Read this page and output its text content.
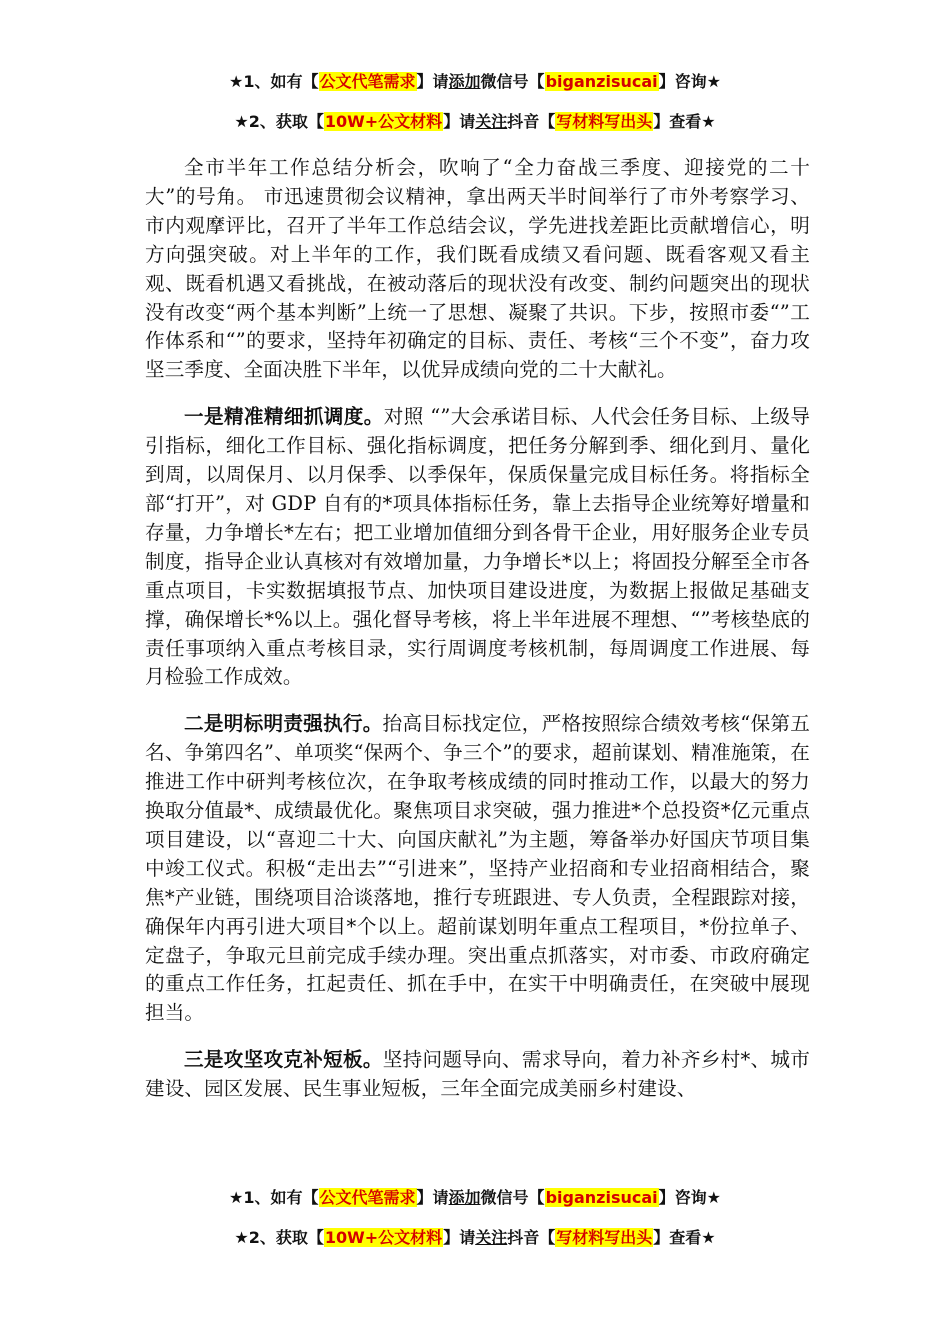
★1、如有【公文代笔需求】请添加微信号【biganzisucai】咨询★
★2、获取【10W+公文材料】请关注抖音【写材料写出头】查看★

全市半年工作总结分析会，吹响了“全力奋战三季度、迎接党的二十大”的号角。 市迅速贯彻会议精神，拿出两天半时间举行了市外考察学习、市内观摩评比，召开了半年工作总结会议，学先进找差距比贡献增信心，明方向强突破。对上半年的工作，我们既看成绩又看问题、既看客观又看主观、既看机遇又看挑战，在被动落后的现状没有改变、制约问题突出的现状没有改变“两个基本判断”上统一了思想、凝聚了共识。下步，按照市委“”工作体系和“”的要求，坚持年初确定的目标、责任、考核“三个不变”，奋力攻坚三季度、全面决胜下半年，以优异成绩向党的二十大献礼。

一是精准精细抓调度。对照 “”大会承诺目标、人代会任务目标、上级导引指标，细化工作目标、强化指标调度，把任务分解到季、细化到月、量化到周，以周保月、以月保季、以季保年，保质保量完成目标任务。将指标全部“打开”，对 GDP 自有的*项具体指标任务，靠上去指导企业统筹好增量和存量，力争增长*左右；把工业增加值细分到各骨干企业，用好服务企业专员制度，指导企业认真核对有效增加量，力争增长*以上；将固投分解至全市各重点项目，卡实数据填报节点、加快项目建设进度，为数据上报做足基础支撑，确保增长*%以上。强化督导考核，将上半年进展不理想、“”考核垫底的责任事项纳入重点考核目录，实行周调度考核机制，每周调度工作进展、每月检验工作成效。

二是明标明责强执行。抬高目标找定位，严格按照综合绩效考核“保第五名、争第四名”、单项奖“保两个、争三个”的要求，超前谋划、精准施策，在推进工作中研判考核位次，在争取考核成绩的同时推动工作，以最大的努力换取分值最*、成绩最优化。聚焦项目求突破，强力推进*个总投资*亿元重点项目建设，以“喜迎二十大、向国庆献礼”为主题，筹备举办好国庆节项目集中竣工仪式。积极“走出去”“引进来”，坚持产业招商和专业招商相结合，聚焦*产业链，围绕项目洽谈落地，推行专班跟进、专人负责，全程跟踪对接，确保年内再引进大项目*个以上。超前谋划明年重点工程项目，*份拉单子、定盘子，争取元旦前完成手续办理。突出重点抓落实，对市委、市政府确定的重点工作任务，扛起责任、抓在手中，在实干中明确责任，在突破中展现担当。

三是攻坚攻克补短板。坚持问题导向、需求导向，着力补齐乡村*、城市建设、园区发展、民生事业短板，三年全面完成美丽乡村建设、

★1、如有【公文代笔需求】请添加微信号【biganzisucai】咨询★
★2、获取【10W+公文材料】请关注抖音【写材料写出头】查看★
